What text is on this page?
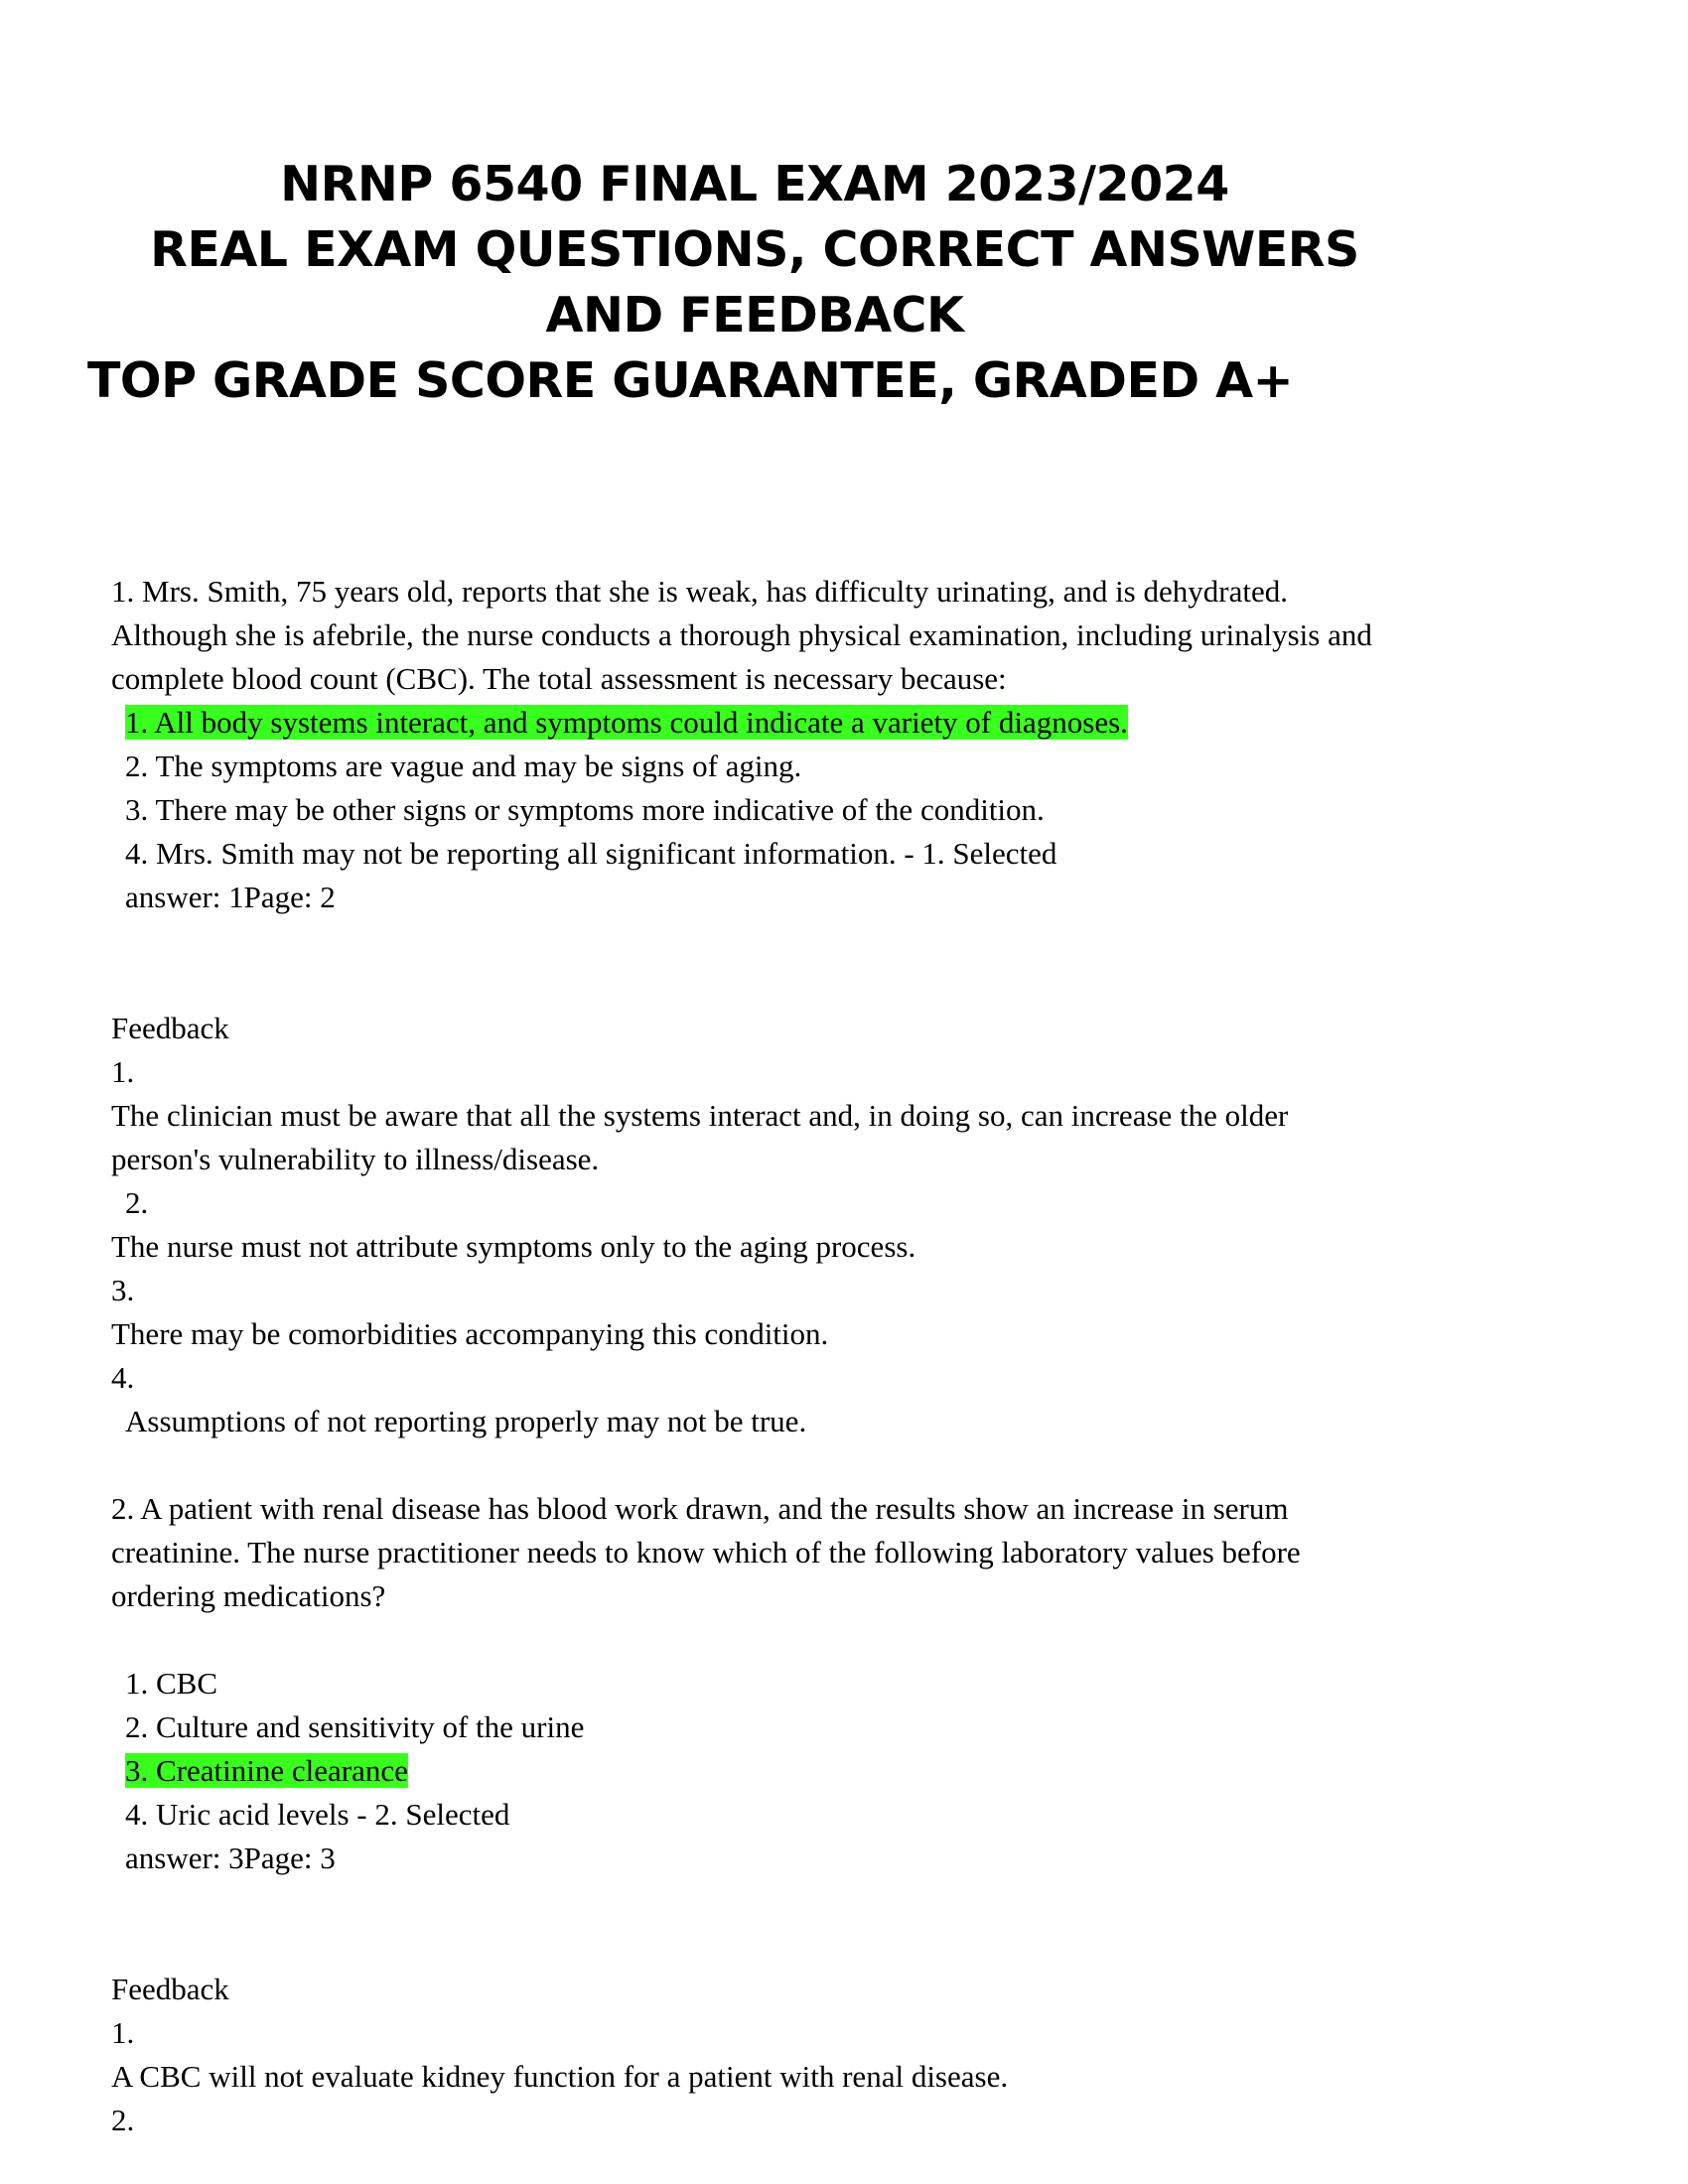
NRNP 6540 FINAL EXAM 2023/2024
REAL EXAM QUESTIONS, CORRECT ANSWERS
AND FEEDBACK
TOP GRADE SCORE GUARANTEE, GRADED A+
1. Mrs. Smith, 75 years old, reports that she is weak, has difficulty urinating, and is dehydrated.
Although she is afebrile, the nurse conducts a thorough physical examination, including urinalysis and
complete blood count (CBC). The total assessment is necessary because:
1. All body systems interact, and symptoms could indicate a variety of diagnoses.
2. The symptoms are vague and may be signs of aging.
3. There may be other signs or symptoms more indicative of the condition.
4. Mrs. Smith may not be reporting all significant information. - 1. Selected
answer: 1Page: 2
Feedback
1.
The clinician must be aware that all the systems interact and, in doing so, can increase the older
person's vulnerability to illness/disease.
2.
The nurse must not attribute symptoms only to the aging process.
3.
There may be comorbidities accompanying this condition.
4.
Assumptions of not reporting properly may not be true.
2. A patient with renal disease has blood work drawn, and the results show an increase in serum
creatinine. The nurse practitioner needs to know which of the following laboratory values before
ordering medications?
1. CBC
2. Culture and sensitivity of the urine
3. Creatinine clearance
4. Uric acid levels - 2. Selected
answer: 3Page: 3
Feedback
1.
A CBC will not evaluate kidney function for a patient with renal disease.
2.
